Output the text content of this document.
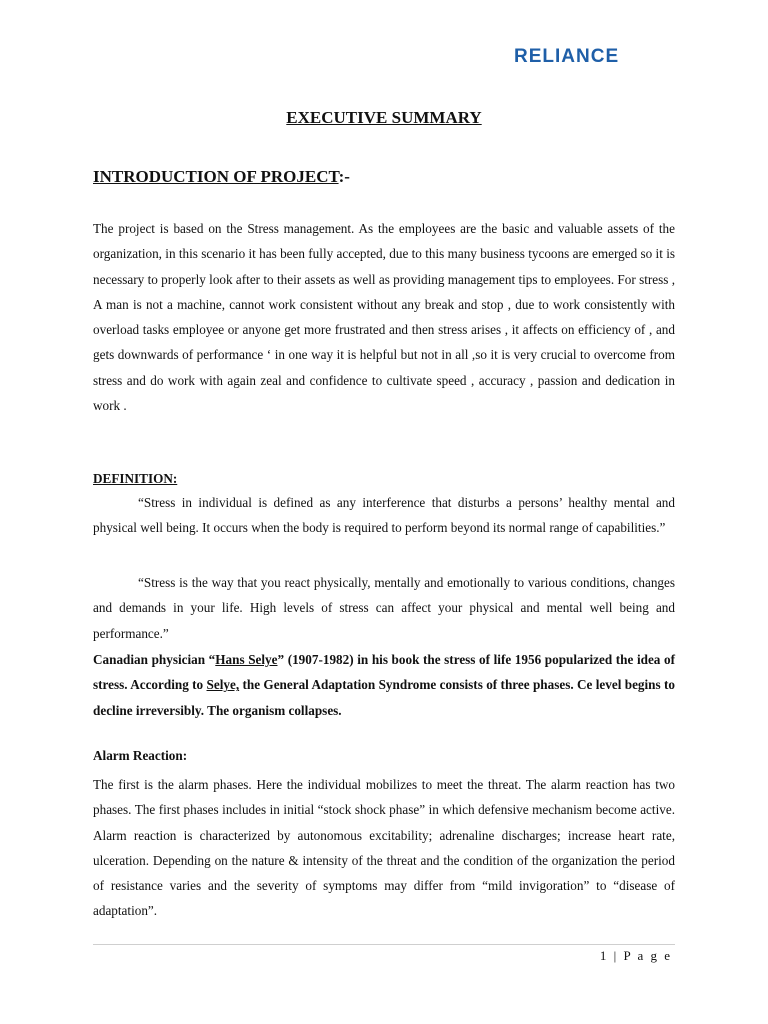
RELIANCE
EXECUTIVE SUMMARY
INTRODUCTION OF PROJECT:-

The project is based on the Stress management. As the employees are the basic and valuable assets of the organization, in this scenario it has been fully accepted, due to this many business tycoons are emerged so it is necessary to properly look after to their assets as well as providing management tips to employees. For stress , A man is not a machine, cannot work consistent without any break and stop , due to work consistently with overload tasks employee or anyone get more frustrated and then stress arises , it affects on efficiency of , and gets downwards of performance ‘ in one way it is helpful but not in all ,so it is very crucial to overcome from stress and do work with again zeal and confidence to cultivate speed , accuracy , passion and dedication in work .

DEFINITION:

“Stress in individual is defined as any interference that disturbs a persons’ healthy mental and physical well being. It occurs when the body is required to perform beyond its normal range of capabilities.”

“Stress is the way that you react physically, mentally and emotionally to various conditions, changes and demands in your life. High levels of stress can affect your physical and mental well being and performance.”

Canadian physician “Hans Selye” (1907-1982) in his book the stress of life 1956 popularized the idea of stress. According to Selye, the General Adaptation Syndrome consists of three phases. Ce level begins to decline irreversibly. The organism collapses.

Alarm Reaction:

The first is the alarm phases. Here the individual mobilizes to meet the threat. The alarm reaction has two phases. The first phases includes in initial “stock shock phase” in which defensive mechanism become active. Alarm reaction is characterized by autonomous excitability; adrenaline discharges; increase heart rate, ulceration. Depending on the nature & intensity of the threat and the condition of the organization the period of resistance varies and the severity of symptoms may differ from “mild invigoration” to “disease of adaptation”.

1 | P a g e
